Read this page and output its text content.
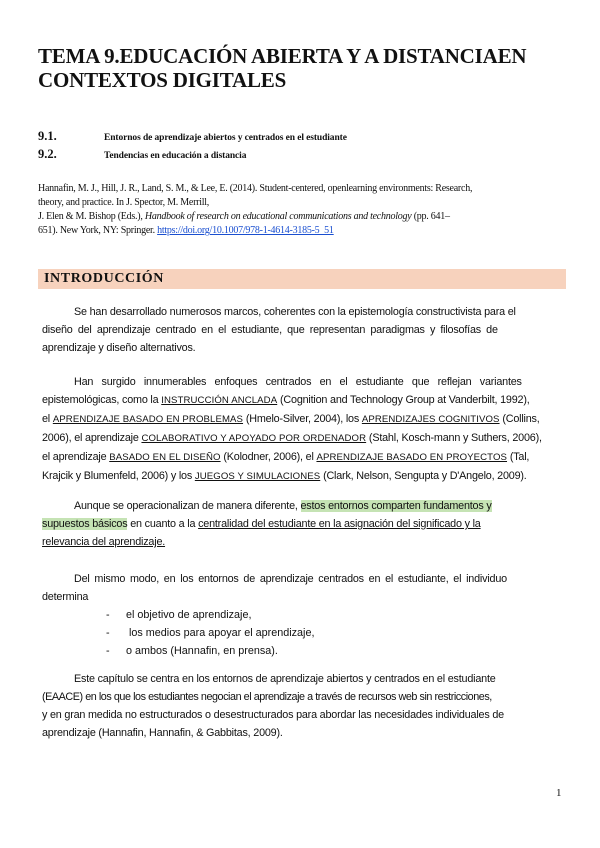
TEMA 9.EDUCACIÓN ABIERTA Y A DISTANCIAEN
CONTEXTOS DIGITALES
9.1.	Entornos de aprendizaje abiertos y centrados en el estudiante
9.2.	Tendencias en educación a distancia
Hannafin, M. J., Hill, J. R., Land, S. M., & Lee, E. (2014). Student-centered, openlearning environments: Research,
theory, and practice. In J. Spector, M. Merrill,
J. Elen & M. Bishop (Eds.), Handbook of research on educational communications and technology (pp. 641–
651). New York, NY: Springer. https://doi.org/10.1007/978-1-4614-3185-5_51
INTRODUCCIÓN
Se han desarrollado numerosos marcos, coherentes con la epistemología constructivista para el
diseño del aprendizaje centrado en el estudiante, que representan paradigmas y filosofías de
aprendizaje y diseño alternativos.
Han surgido innumerables enfoques centrados en el estudiante que reflejan variantes
epistemológicas, como la INSTRUCCIÓN ANCLADA (Cognition and Technology Group at Vanderbilt, 1992),
el APRENDIZAJE BASADO EN PROBLEMAS (Hmelo-Silver, 2004), los APRENDIZAJES COGNITIVOS (Collins,
2006), el aprendizaje COLABORATIVO Y APOYADO POR ORDENADOR (Stahl, Kosch-mann y Suthers, 2006),
el aprendizaje BASADO EN EL DISEÑO (Kolodner, 2006), el APRENDIZAJE BASADO EN PROYECTOS (Tal,
Krajcik y Blumenfeld, 2006) y los JUEGOS Y SIMULACIONES (Clark, Nelson, Sengupta y D'Angelo, 2009).
Aunque se operacionalizan de manera diferente, estos entornos comparten fundamentos y
supuestos básicos en cuanto a la centralidad del estudiante en la asignación del significado y la
relevancia del aprendizaje.
Del mismo modo, en los entornos de aprendizaje centrados en el estudiante, el individuo
determina
- el objetivo de aprendizaje,
- los medios para apoyar el aprendizaje,
- o ambos (Hannafin, en prensa).
Este capítulo se centra en los entornos de aprendizaje abiertos y centrados en el estudiante
(EAACE) en los que los estudiantes negocian el aprendizaje a través de recursos web sin restricciones,
y en gran medida no estructurados o desestructurados para abordar las necesidades individuales de
aprendizaje (Hannafin, Hannafin, & Gabbitas, 2009).
1
